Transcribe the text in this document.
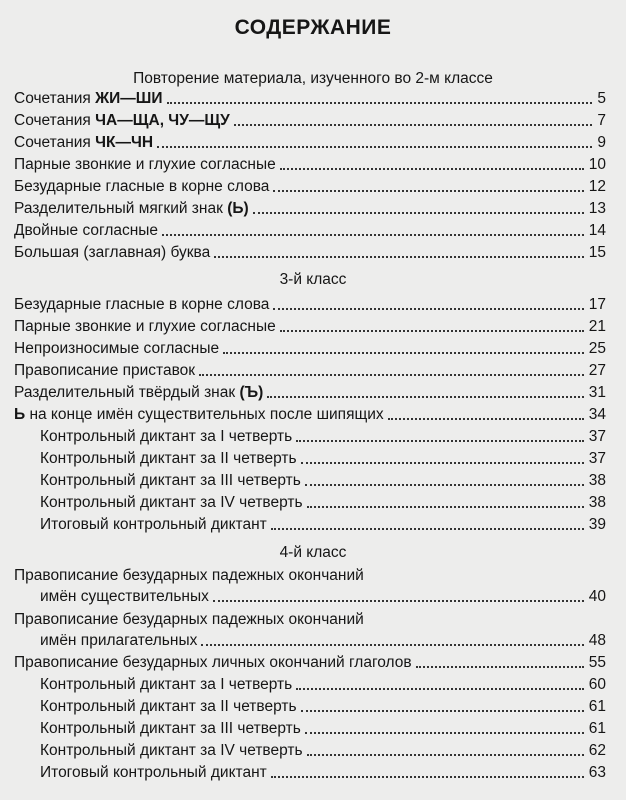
СОДЕРЖАНИЕ
Повторение материала, изученного во 2-м классе
Сочетания ЖИ—ШИ	5
Сочетания ЧА—ЩА, ЧУ—ЩУ	7
Сочетания ЧК—ЧН	9
Парные звонкие и глухие согласные	10
Безударные гласные в корне слова	12
Разделительный мягкий знак (Ь)	13
Двойные согласные	14
Большая (заглавная) буква	15
3-й класс
Безударные гласные в корне слова	17
Парные звонкие и глухие согласные	21
Непроизносимые согласные	25
Правописание приставок	27
Разделительный твёрдый знак (Ъ)	31
Ь на конце имён существительных после шипящих	34
Контрольный диктант за I четверть	37
Контрольный диктант за II четверть	37
Контрольный диктант за III четверть	38
Контрольный диктант за IV четверть	38
Итоговый контрольный диктант	39
4-й класс
Правописание безударных падежных окончаний
имён существительных	40
Правописание безударных падежных окончаний
имён прилагательных	48
Правописание безударных личных окончаний глаголов	55
Контрольный диктант за I четверть	60
Контрольный диктант за II четверть	61
Контрольный диктант за III четверть	61
Контрольный диктант за IV четверть	62
Итоговый контрольный диктант	63
